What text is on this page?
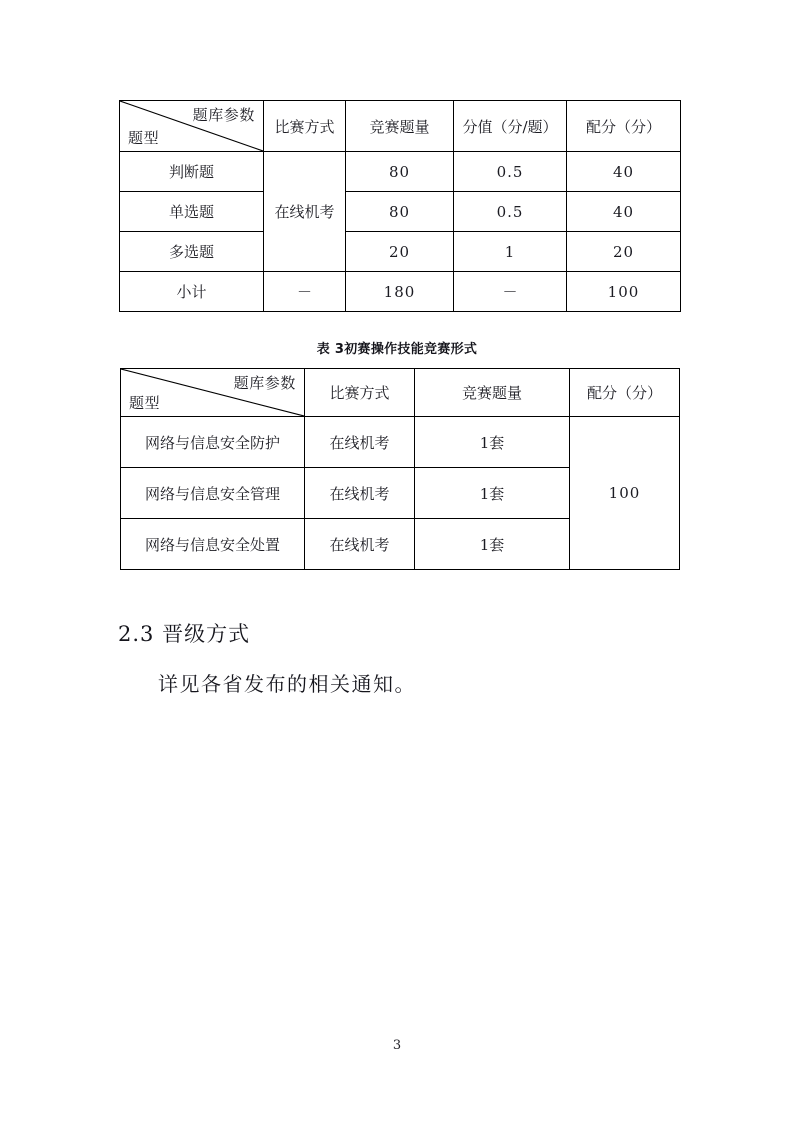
题库参数
题型	比赛方式	竞赛题量	分值（分/题）	配分（分）
判断题	在线机考	80	0.5	40
单选题		80	0.5	40
多选题		20	1	20
小计	－	180	－	100
表 3初赛操作技能竞赛形式
题库参数
题型	比赛方式	竞赛题量	配分（分）
网络与信息安全防护	在线机考	1套	100
网络与信息安全管理	在线机考	1套	
网络与信息安全处置	在线机考	1套	
2.3 晋级方式
详见各省发布的相关通知。
3
